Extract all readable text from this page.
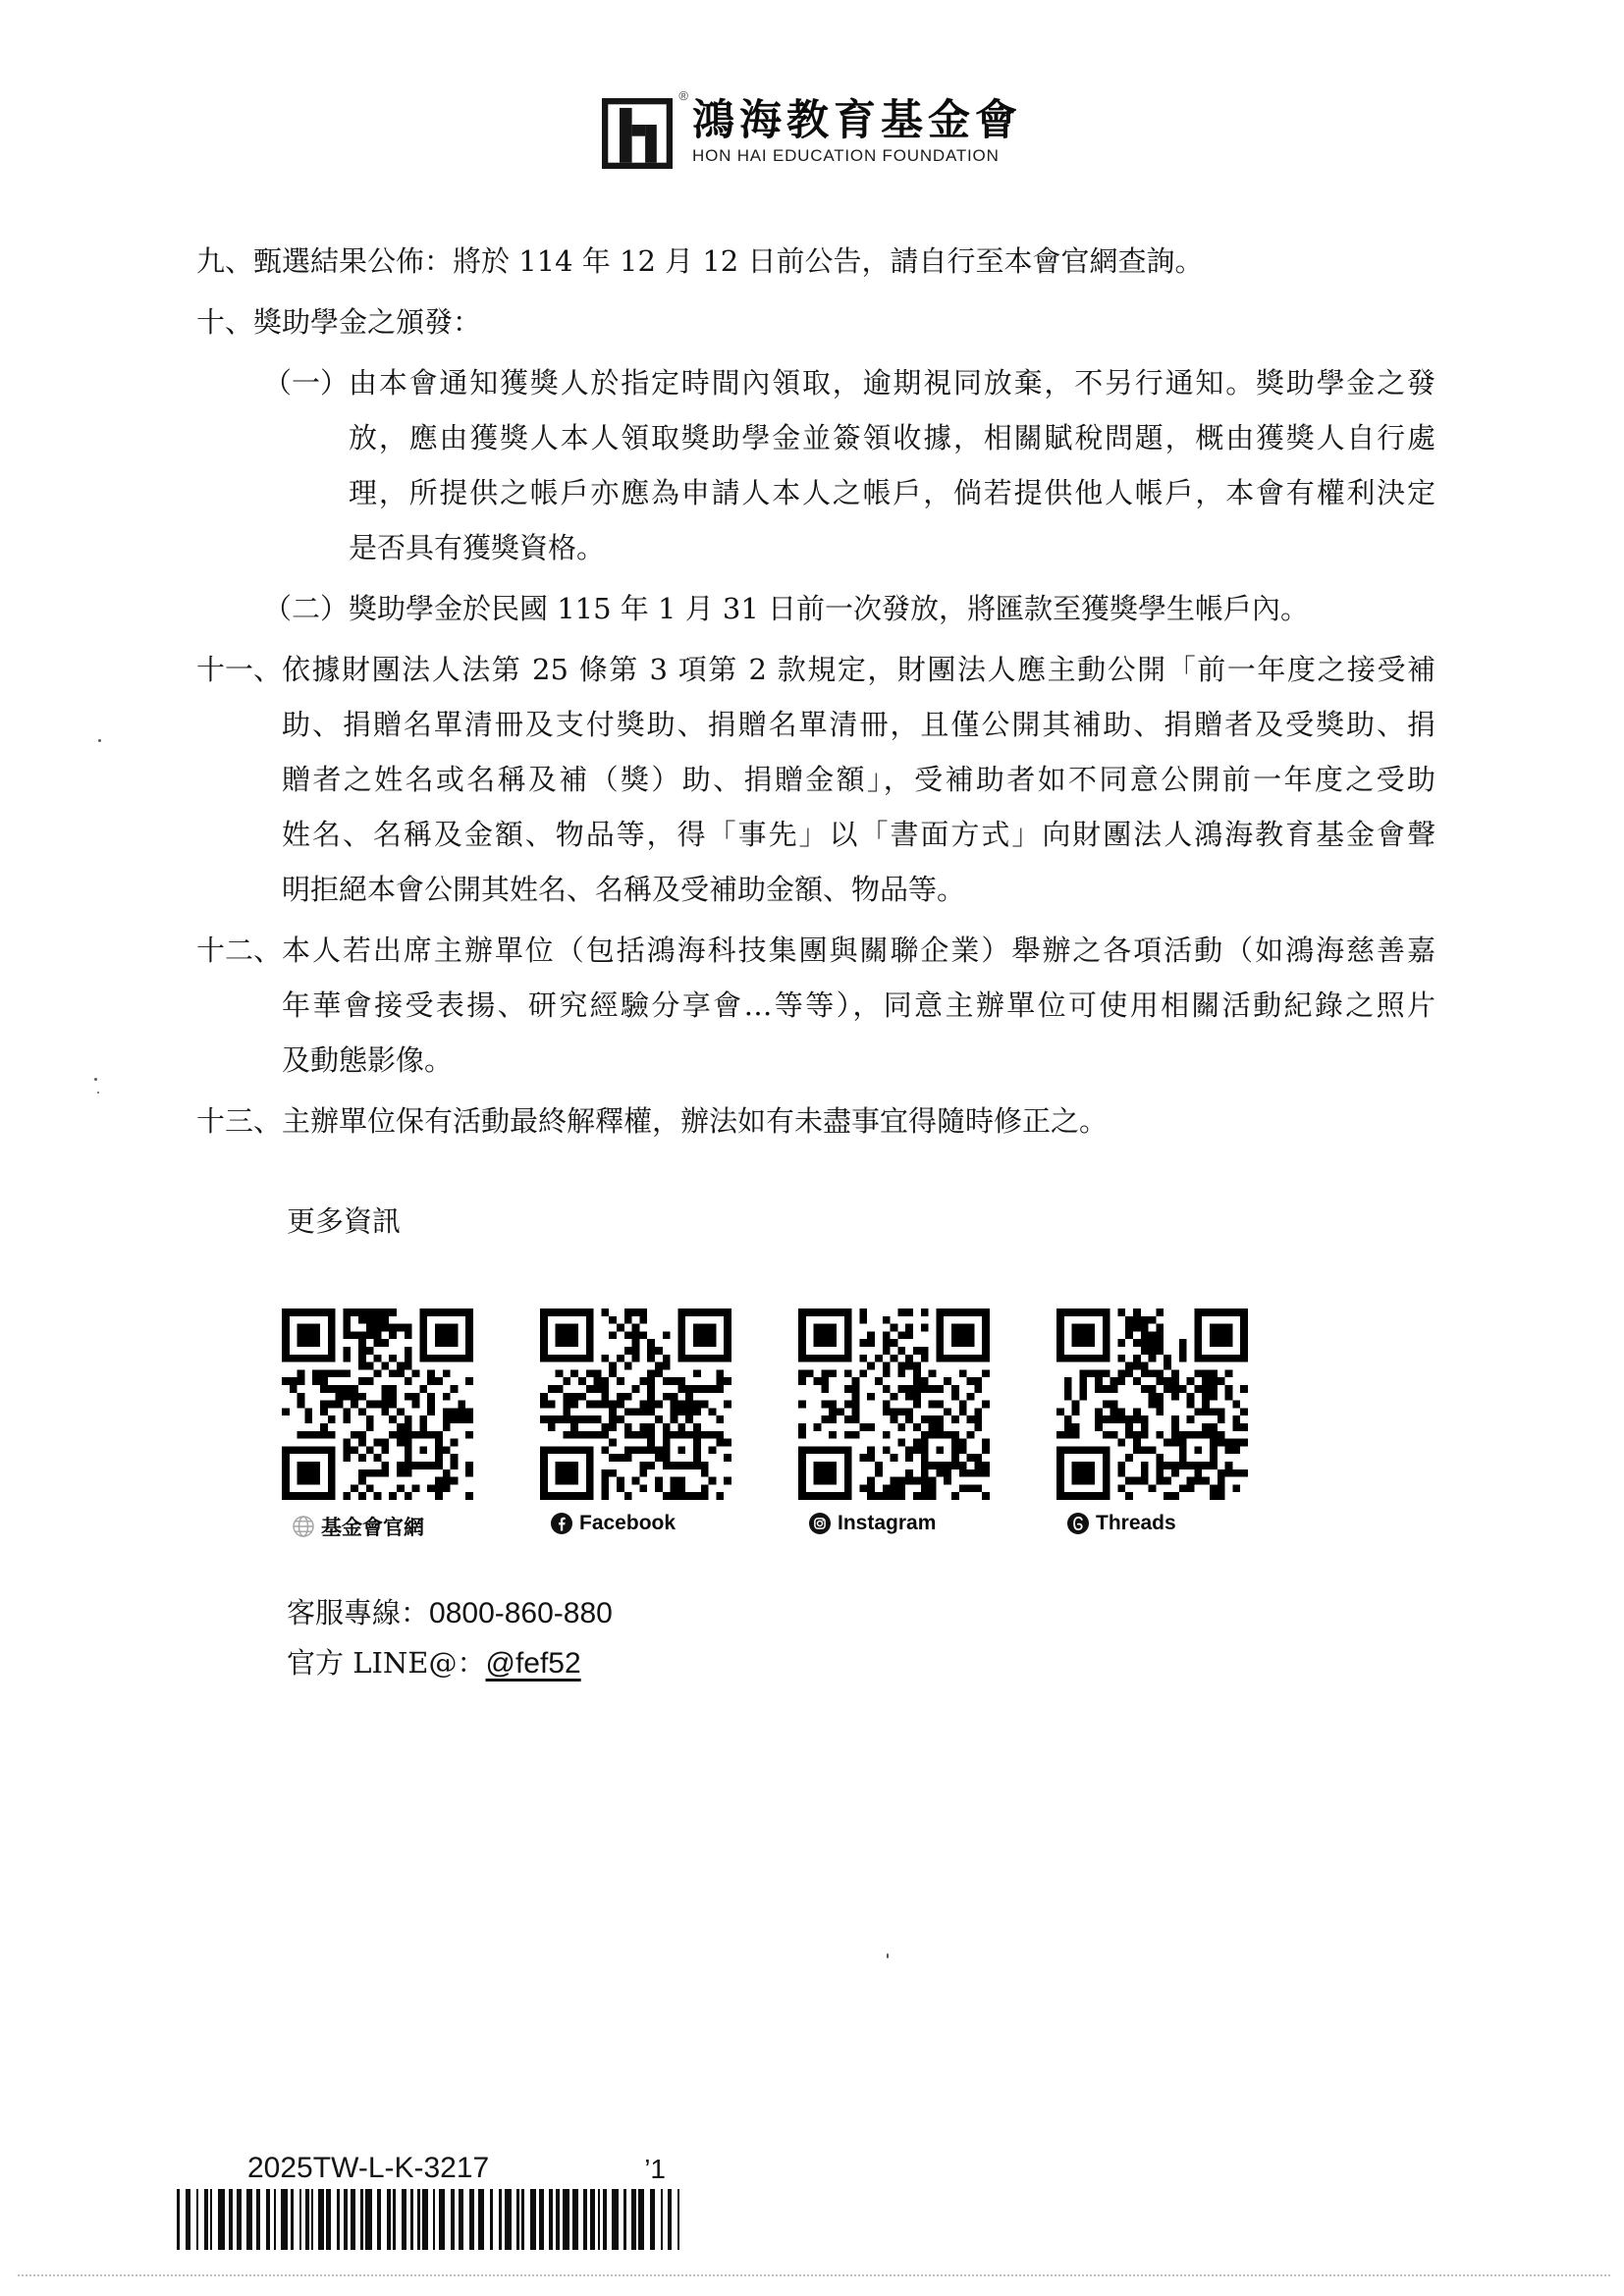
®
鴻海教育基金會
HON HAI EDUCATION FOUNDATION
九、 甄選結果公佈：將於 114 年 12 月 12 日前公告，請自行至本會官網查詢。
十、 獎助學金之頒發：
（一） 由本會通知獲獎人於指定時間內領取，逾期視同放棄，不另行通知。獎助學金之發
放，應由獲獎人本人領取獎助學金並簽領收據，相關賦稅問題，概由獲獎人自行處
理，所提供之帳戶亦應為申請人本人之帳戶，倘若提供他人帳戶，本會有權利決定
是否具有獲獎資格。
（二） 獎助學金於民國 115 年 1 月 31 日前一次發放，將匯款至獲獎學生帳戶內。
十一、 依據財團法人法第 25 條第 3 項第 2 款規定，財團法人應主動公開「前一年度之接受補
助、捐贈名單清冊及支付獎助、捐贈名單清冊，且僅公開其補助、捐贈者及受獎助、捐
贈者之姓名或名稱及補（獎）助、捐贈金額」，受補助者如不同意公開前一年度之受助
姓名、名稱及金額、物品等，得「事先」以「書面方式」向財團法人鴻海教育基金會聲
明拒絕本會公開其姓名、名稱及受補助金額、物品等。
十二、 本人若出席主辦單位（包括鴻海科技集團與關聯企業）舉辦之各項活動（如鴻海慈善嘉
年華會接受表揚、研究經驗分享會…等等），同意主辦單位可使用相關活動紀錄之照片
及動態影像。
十三、 主辦單位保有活動最終解釋權，辦法如有未盡事宜得隨時修正之。
更多資訊
基金會官網	Facebook	Instagram	Threads
客服專線：0800-860-880
官方 LINE@：@fef52
2025TW-L-K-3217	’1
